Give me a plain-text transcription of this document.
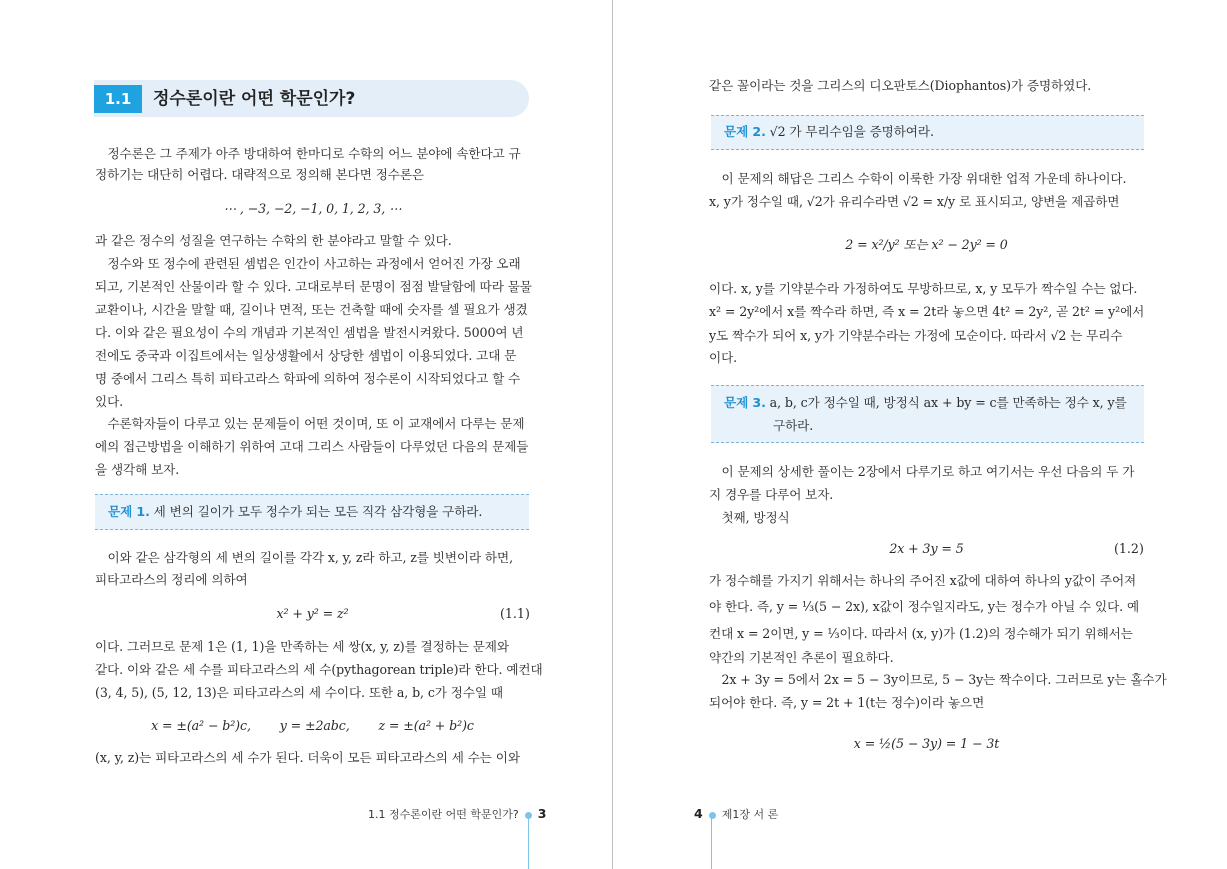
1.1	정수론이란 어떤 학문인가?
　정수론은 그 주제가 아주 방대하여 한마디로 수학의 어느 분야에 속한다고 규
정하기는 대단히 어렵다. 대략적으로 정의해 본다면 정수론은
⋯ , −3, −2, −1, 0, 1, 2, 3, ⋯
과 같은 정수의 성질을 연구하는 수학의 한 분야라고 말할 수 있다.
　정수와 또 정수에 관련된 셈법은 인간이 사고하는 과정에서 얻어진 가장 오래
되고, 기본적인 산물이라 할 수 있다. 고대로부터 문명이 점점 발달함에 따라 물물
교환이나, 시간을 말할 때, 길이나 면적, 또는 건축할 때에 숫자를 셀 필요가 생겼
다. 이와 같은 필요성이 수의 개념과 기본적인 셈법을 발전시켜왔다. 5000여 년
전에도 중국과 이집트에서는 일상생활에서 상당한 셈법이 이용되었다. 고대 문
명 중에서 그리스 특히 피타고라스 학파에 의하여 정수론이 시작되었다고 할 수
있다.
　수론학자들이 다루고 있는 문제들이 어떤 것이며, 또 이 교재에서 다루는 문제
에의 접근방법을 이해하기 위하여 고대 그리스 사람들이 다루었던 다음의 문제들
을 생각해 보자.
문제 1. 세 변의 길이가 모두 정수가 되는 모든 직각 삼각형을 구하라.
　이와 같은 삼각형의 세 변의 길이를 각각 x, y, z라 하고, z를 빗변이라 하면,
피타고라스의 정리에 의하여
x² + y² = z²	(1.1)
이다. 그러므로 문제 1은 (1, 1)을 만족하는 세 쌍(x, y, z)를 결정하는 문제와
같다. 이와 같은 세 수를 피타고라스의 세 수(pythagorean triple)라 한다. 예컨대
(3, 4, 5), (5, 12, 13)은 피타고라스의 세 수이다. 또한 a, b, c가 정수일 때
x = ±(a² − b²)c,　　 y = ±2abc,　　 z = ±(a² + b²)c
(x, y, z)는 피타고라스의 세 수가 된다. 더욱이 모든 피타고라스의 세 수는 이와
1.1 정수론이란 어떤 학문인가? 3
같은 꼴이라는 것을 그리스의 디오판토스(Diophantos)가 증명하였다.
문제 2. √2 가 무리수임을 증명하여라.
　이 문제의 해답은 그리스 수학이 이룩한 가장 위대한 업적 가운데 하나이다.
x, y가 정수일 때, √2가 유리수라면 √2 = x/y 로 표시되고, 양변을 제곱하면
2 = x²/y² 또는 x² − 2y² = 0
이다. x, y를 기약분수라 가정하여도 무방하므로, x, y 모두가 짝수일 수는 없다.
x² = 2y²에서 x를 짝수라 하면, 즉 x = 2t라 놓으면 4t² = 2y², 곧 2t² = y²에서
y도 짝수가 되어 x, y가 기약분수라는 가정에 모순이다. 따라서 √2 는 무리수
이다.
문제 3. a, b, c가 정수일 때, 방정식 ax + by = c를 만족하는 정수 x, y를
구하라.
　이 문제의 상세한 풀이는 2장에서 다루기로 하고 여기서는 우선 다음의 두 가
지 경우를 다루어 보자.
　첫째, 방정식
2x + 3y = 5	(1.2)
가 정수해를 가지기 위해서는 하나의 주어진 x값에 대하여 하나의 y값이 주어져
야 한다. 즉, y = ⅓(5 − 2x), x값이 정수일지라도, y는 정수가 아닐 수 있다. 예
컨대 x = 2이면, y = ⅓이다. 따라서 (x, y)가 (1.2)의 정수해가 되기 위해서는
약간의 기본적인 추론이 필요하다.
　2x + 3y = 5에서 2x = 5 − 3y이므로, 5 − 3y는 짝수이다. 그러므로 y는 홀수가
되어야 한다. 즉, y = 2t + 1(t는 정수)이라 놓으면
x = ½(5 − 3y) = 1 − 3t
4 제1장 서 론
